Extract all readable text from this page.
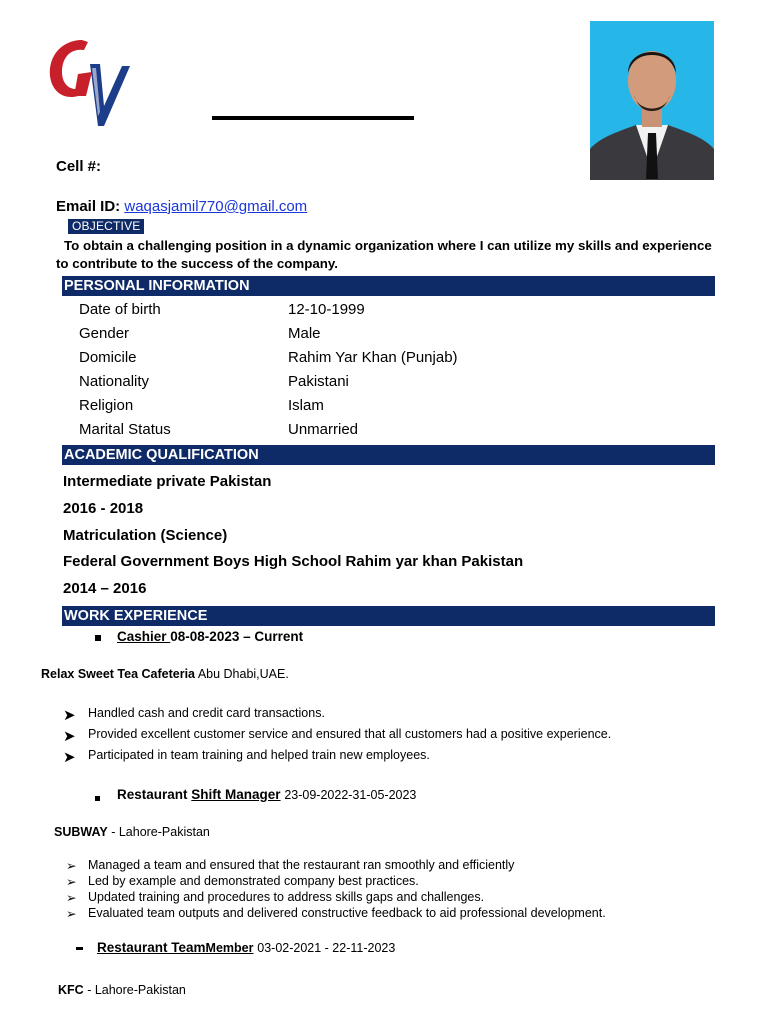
Cell #:
Email ID: waqasjamil770@gmail.com
OBJECTIVE
To obtain a challenging position in a dynamic organization where I can utilize my skills and experience to contribute to the success of the company.
PERSONAL INFORMATION
Date of birth	12-10-1999
Gender	Male
Domicile	Rahim Yar Khan (Punjab)
Nationality	Pakistani
Religion	Islam
Marital Status	Unmarried
ACADEMIC QUALIFICATION
Intermediate private Pakistan
2016 - 2018
Matriculation (Science)
Federal Government Boys High School Rahim yar khan Pakistan
2014 – 2016
WORK EXPERIENCE
Cashier 08-08-2023 – Current
Relax Sweet Tea Cafeteria Abu Dhabi,UAE.
➤ Handled cash and credit card transactions.
➤ Provided excellent customer service and ensured that all customers had a positive experience.
➤ Participated in team training and helped train new employees.
Restaurant Shift Manager 23-09-2022-31-05-2023
SUBWAY - Lahore-Pakistan
➢ Managed a team and ensured that the restaurant ran smoothly and efficiently
➢ Led by example and demonstrated company best practices.
➢ Updated training and procedures to address skills gaps and challenges.
➢ Evaluated team outputs and delivered constructive feedback to aid professional development.
Restaurant TeamMember 03-02-2021 - 22-11-2023
KFC - Lahore-Pakistan
